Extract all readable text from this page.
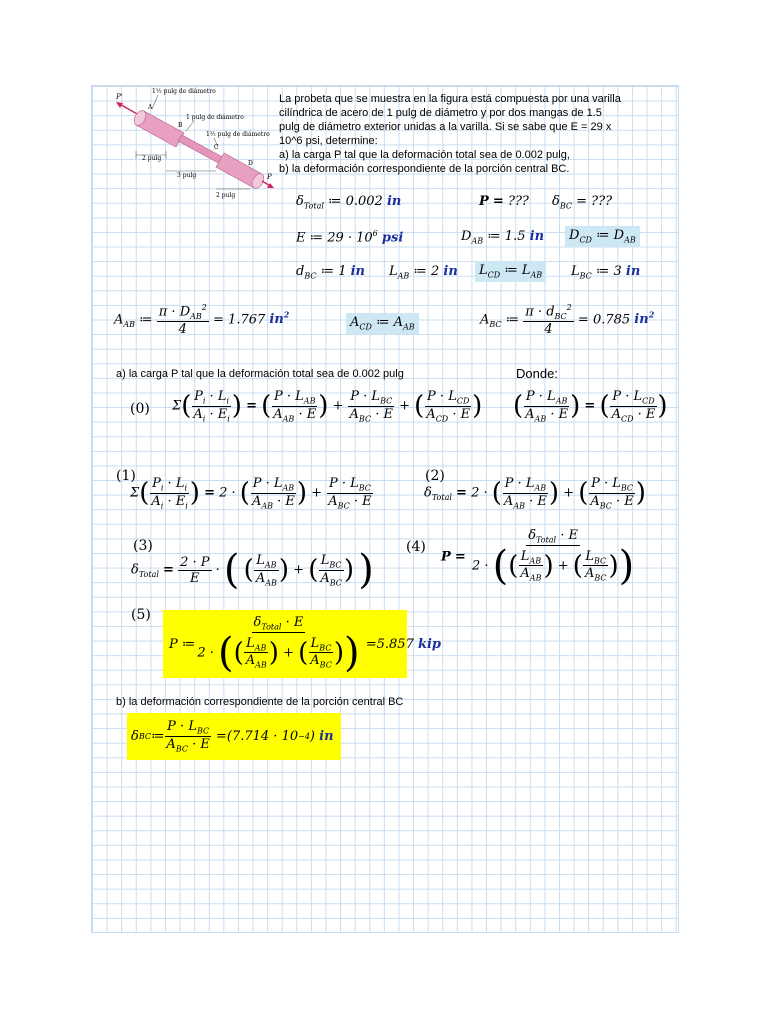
1½ pulg de diámetro
1 pulg de diámetro
1½ pulg de diámetro
P'
P
A
B
C
D
2 pulg
3 pulg
2 pulg
La probeta que se muestra en la figura está compuesta por una varilla
cilíndrica de acero de 1 pulg de diámetro y por dos mangas de 1.5
pulg de diámetro exterior unidas a la varilla. Si se sabe que E = 29 x
10^6 psi, determine:
a) la carga P tal que la deformación total sea de 0.002 pulg,
b) la deformación correspondiente de la porción central BC.
$\delta_{Total}$ ≔ 0.002 in	P = ??? $\delta_{BC}$ = ???
E ≔ $29 \cdot 10^6$ psi	$D_{AB}$ ≔ 1.5 in	$D_{CD}$ ≔ $D_{AB}$
$d_{BC}$ ≔ 1 in $L_{AB}$ ≔ 2 in	$L_{CD}$ ≔ $L_{AB}$	$L_{BC}$ ≔ 3 in
$A_{AB}$ ≔ $\frac{\pi \cdot D_{AB}^2}{4} = 1.767$ $in^2$	$A_{CD}$ ≔ $A_{AB}$	$A_{BC}$ ≔ $\frac{\pi \cdot d_{BC}^2}{4} = 0.785$ $in^2$
a) la carga P tal que la deformación total sea de 0.002 pulg	Donde:
(0) $\Sigma( \frac{P_i \cdot L_i}{A_i \cdot E_i}$ ) = ( $\frac{P \cdot L_{AB}}{A_{AB} \cdot E}$ ) + $\frac{P \cdot L_{BC}}{A_{BC} \cdot E}$ + ( $\frac{P \cdot L_{CD}}{A_{CD} \cdot E}$ ) ( $\frac{P \cdot L_{AB}}{A_{AB} \cdot E}$ ) = ( $\frac{P \cdot L_{CD}}{A_{CD} \cdot E}$ )
(1)
$\Sigma( \frac{P_i \cdot L_i}{A_i \cdot E_i}$ ) = 2 · ( $\frac{P \cdot L_{AB}}{A_{AB} \cdot E}$ ) + $\frac{P \cdot L_{BC}}{A_{BC} \cdot E}$	(2)
$\delta_{Total} = 2$ · ( $\frac{P \cdot L_{AB}}{A_{AB} \cdot E}$ ) + ( $\frac{P \cdot L_{BC}}{A_{BC} \cdot E}$ )
(3)
$\delta_{Total} = \frac{2 \cdot P}{E}$ · ( ( $\frac{L_{AB}}{A_{AB}}$ ) + ( $\frac{L_{BC}}{A_{BC}}$ ) ) (4)
$P = \frac{\delta_{Total} \cdot E}{2 \cdot (( \frac{L_{AB}}{A_{AB}} ) + ( \frac{L_{BC}}{A_{BC}} ))}$
(5)
P ≔ $\frac{\delta_{Total} \cdot E}{2 \cdot (( \frac{L_{AB}}{A_{AB}} ) + ( \frac{L_{BC}}{A_{BC}} ))} = 5.857$
kip
b) la deformación correspondiente de la porción central BC
δ BC ≔ $\frac{P \cdot L_{BC}}{A_{BC} \cdot E} = (7.714 \cdot 10 -4$ )
in
